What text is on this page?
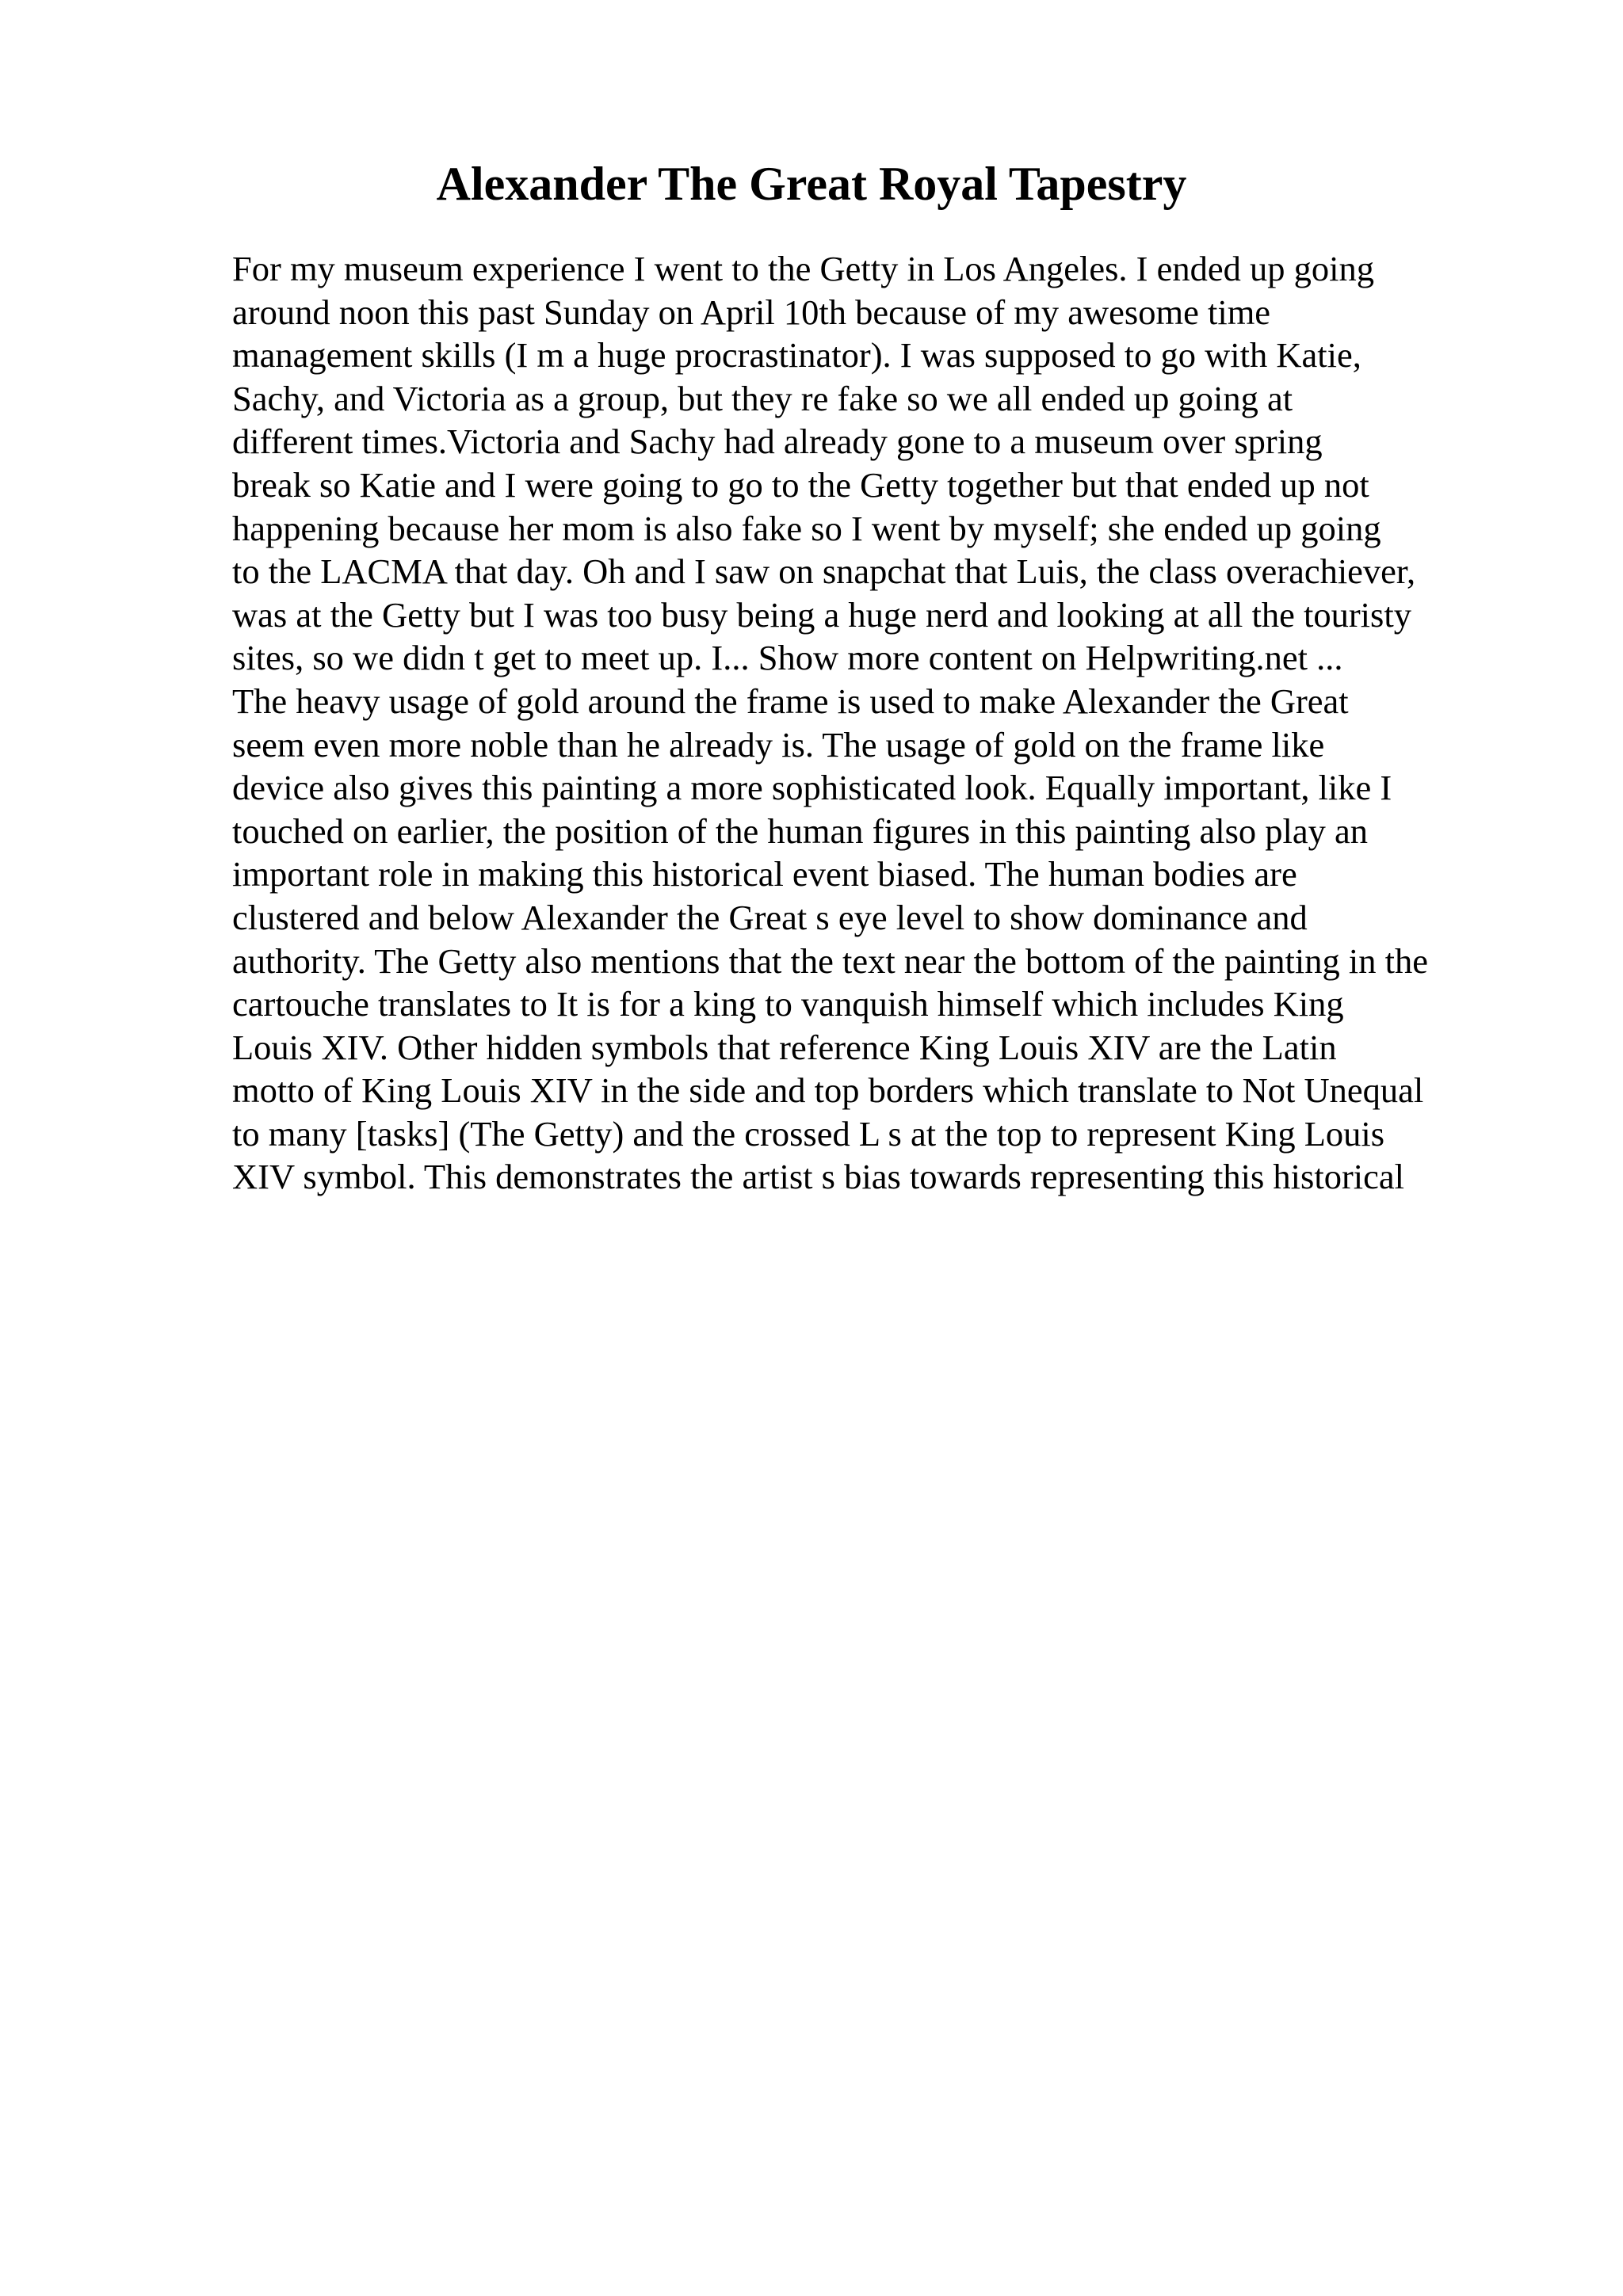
Alexander The Great Royal Tapestry
For my museum experience I went to the Getty in Los Angeles. I ended up going
around noon this past Sunday on April 10th because of my awesome time
management skills (I m a huge procrastinator). I was supposed to go with Katie,
Sachy, and Victoria as a group, but they re fake so we all ended up going at
different times.Victoria and Sachy had already gone to a museum over spring
break so Katie and I were going to go to the Getty together but that ended up not
happening because her mom is also fake so I went by myself; she ended up going
to the LACMA that day. Oh and I saw on snapchat that Luis, the class overachiever,
was at the Getty but I was too busy being a huge nerd and looking at all the touristy
sites, so we didn t get to meet up. I... Show more content on Helpwriting.net ...
The heavy usage of gold around the frame is used to make Alexander the Great
seem even more noble than he already is. The usage of gold on the frame like
device also gives this painting a more sophisticated look. Equally important, like I
touched on earlier, the position of the human figures in this painting also play an
important role in making this historical event biased. The human bodies are
clustered and below Alexander the Great s eye level to show dominance and
authority. The Getty also mentions that the text near the bottom of the painting in the
cartouche translates to It is for a king to vanquish himself which includes King
Louis XIV. Other hidden symbols that reference King Louis XIV are the Latin
motto of King Louis XIV in the side and top borders which translate to Not Unequal
to many [tasks] (The Getty) and the crossed L s at the top to represent King Louis
XIV symbol. This demonstrates the artist s bias towards representing this historical
